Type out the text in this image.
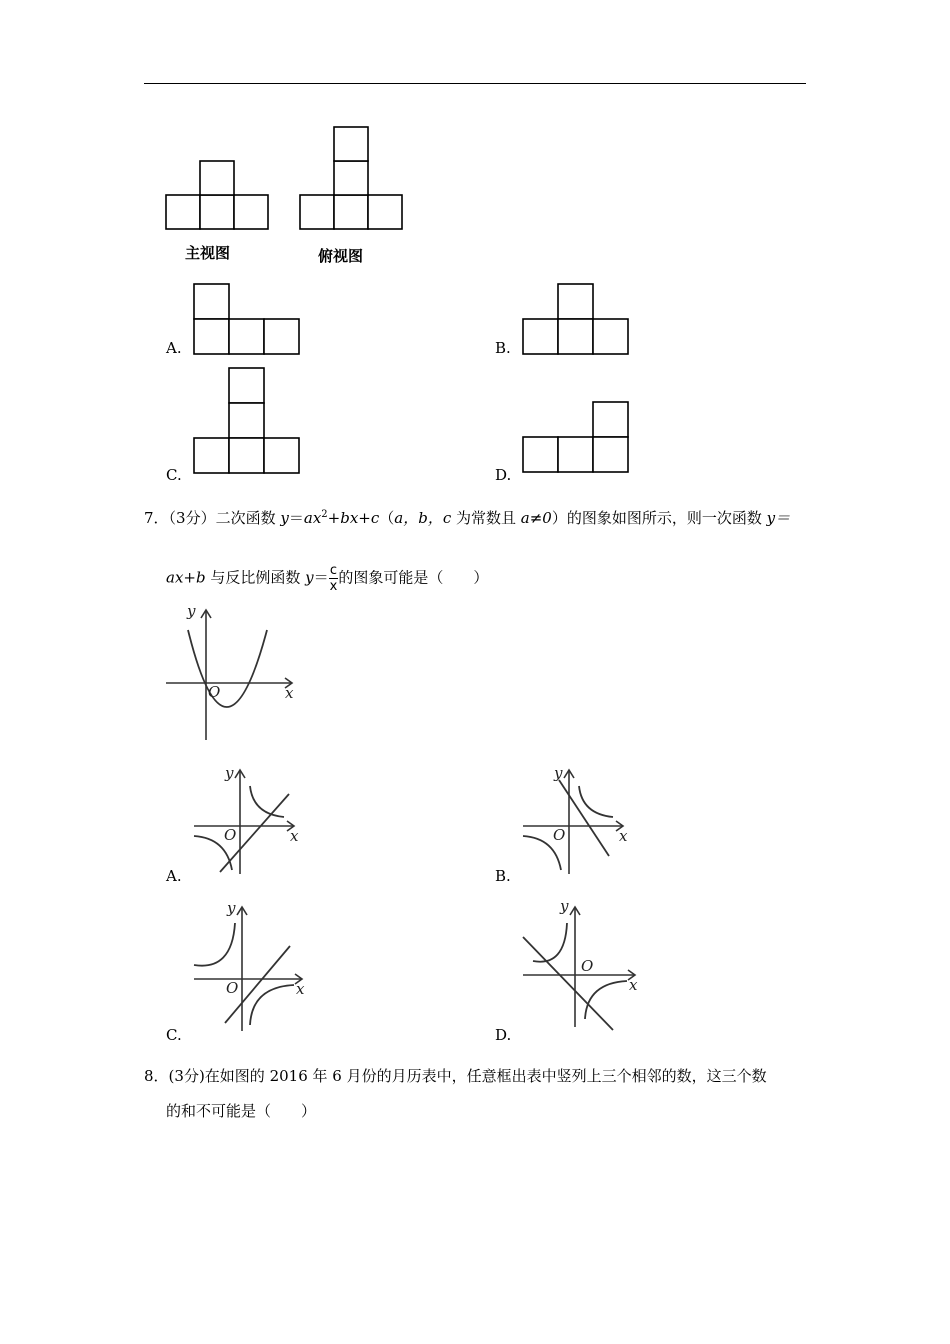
主视图	俯视图
A.	B.
C.	D.
7．（3分）二次函数 $y=ax^2+bx+c(a$，b，c 为常数且 a≠0）的图象如图所示，则一次函数 y＝
ax+b 与反比例函数 $y= \frac{c}{x}$ 的图象可能是（　　）
y
O	x
A.
y
O	x
B.
y
O	x
C.
y
O	x
D.
y
O
x
8．(3分)在如图的 2016 年 6 月份的月历表中，任意框出表中竖列上三个相邻的数，这三个数
的和不可能是（　　）
